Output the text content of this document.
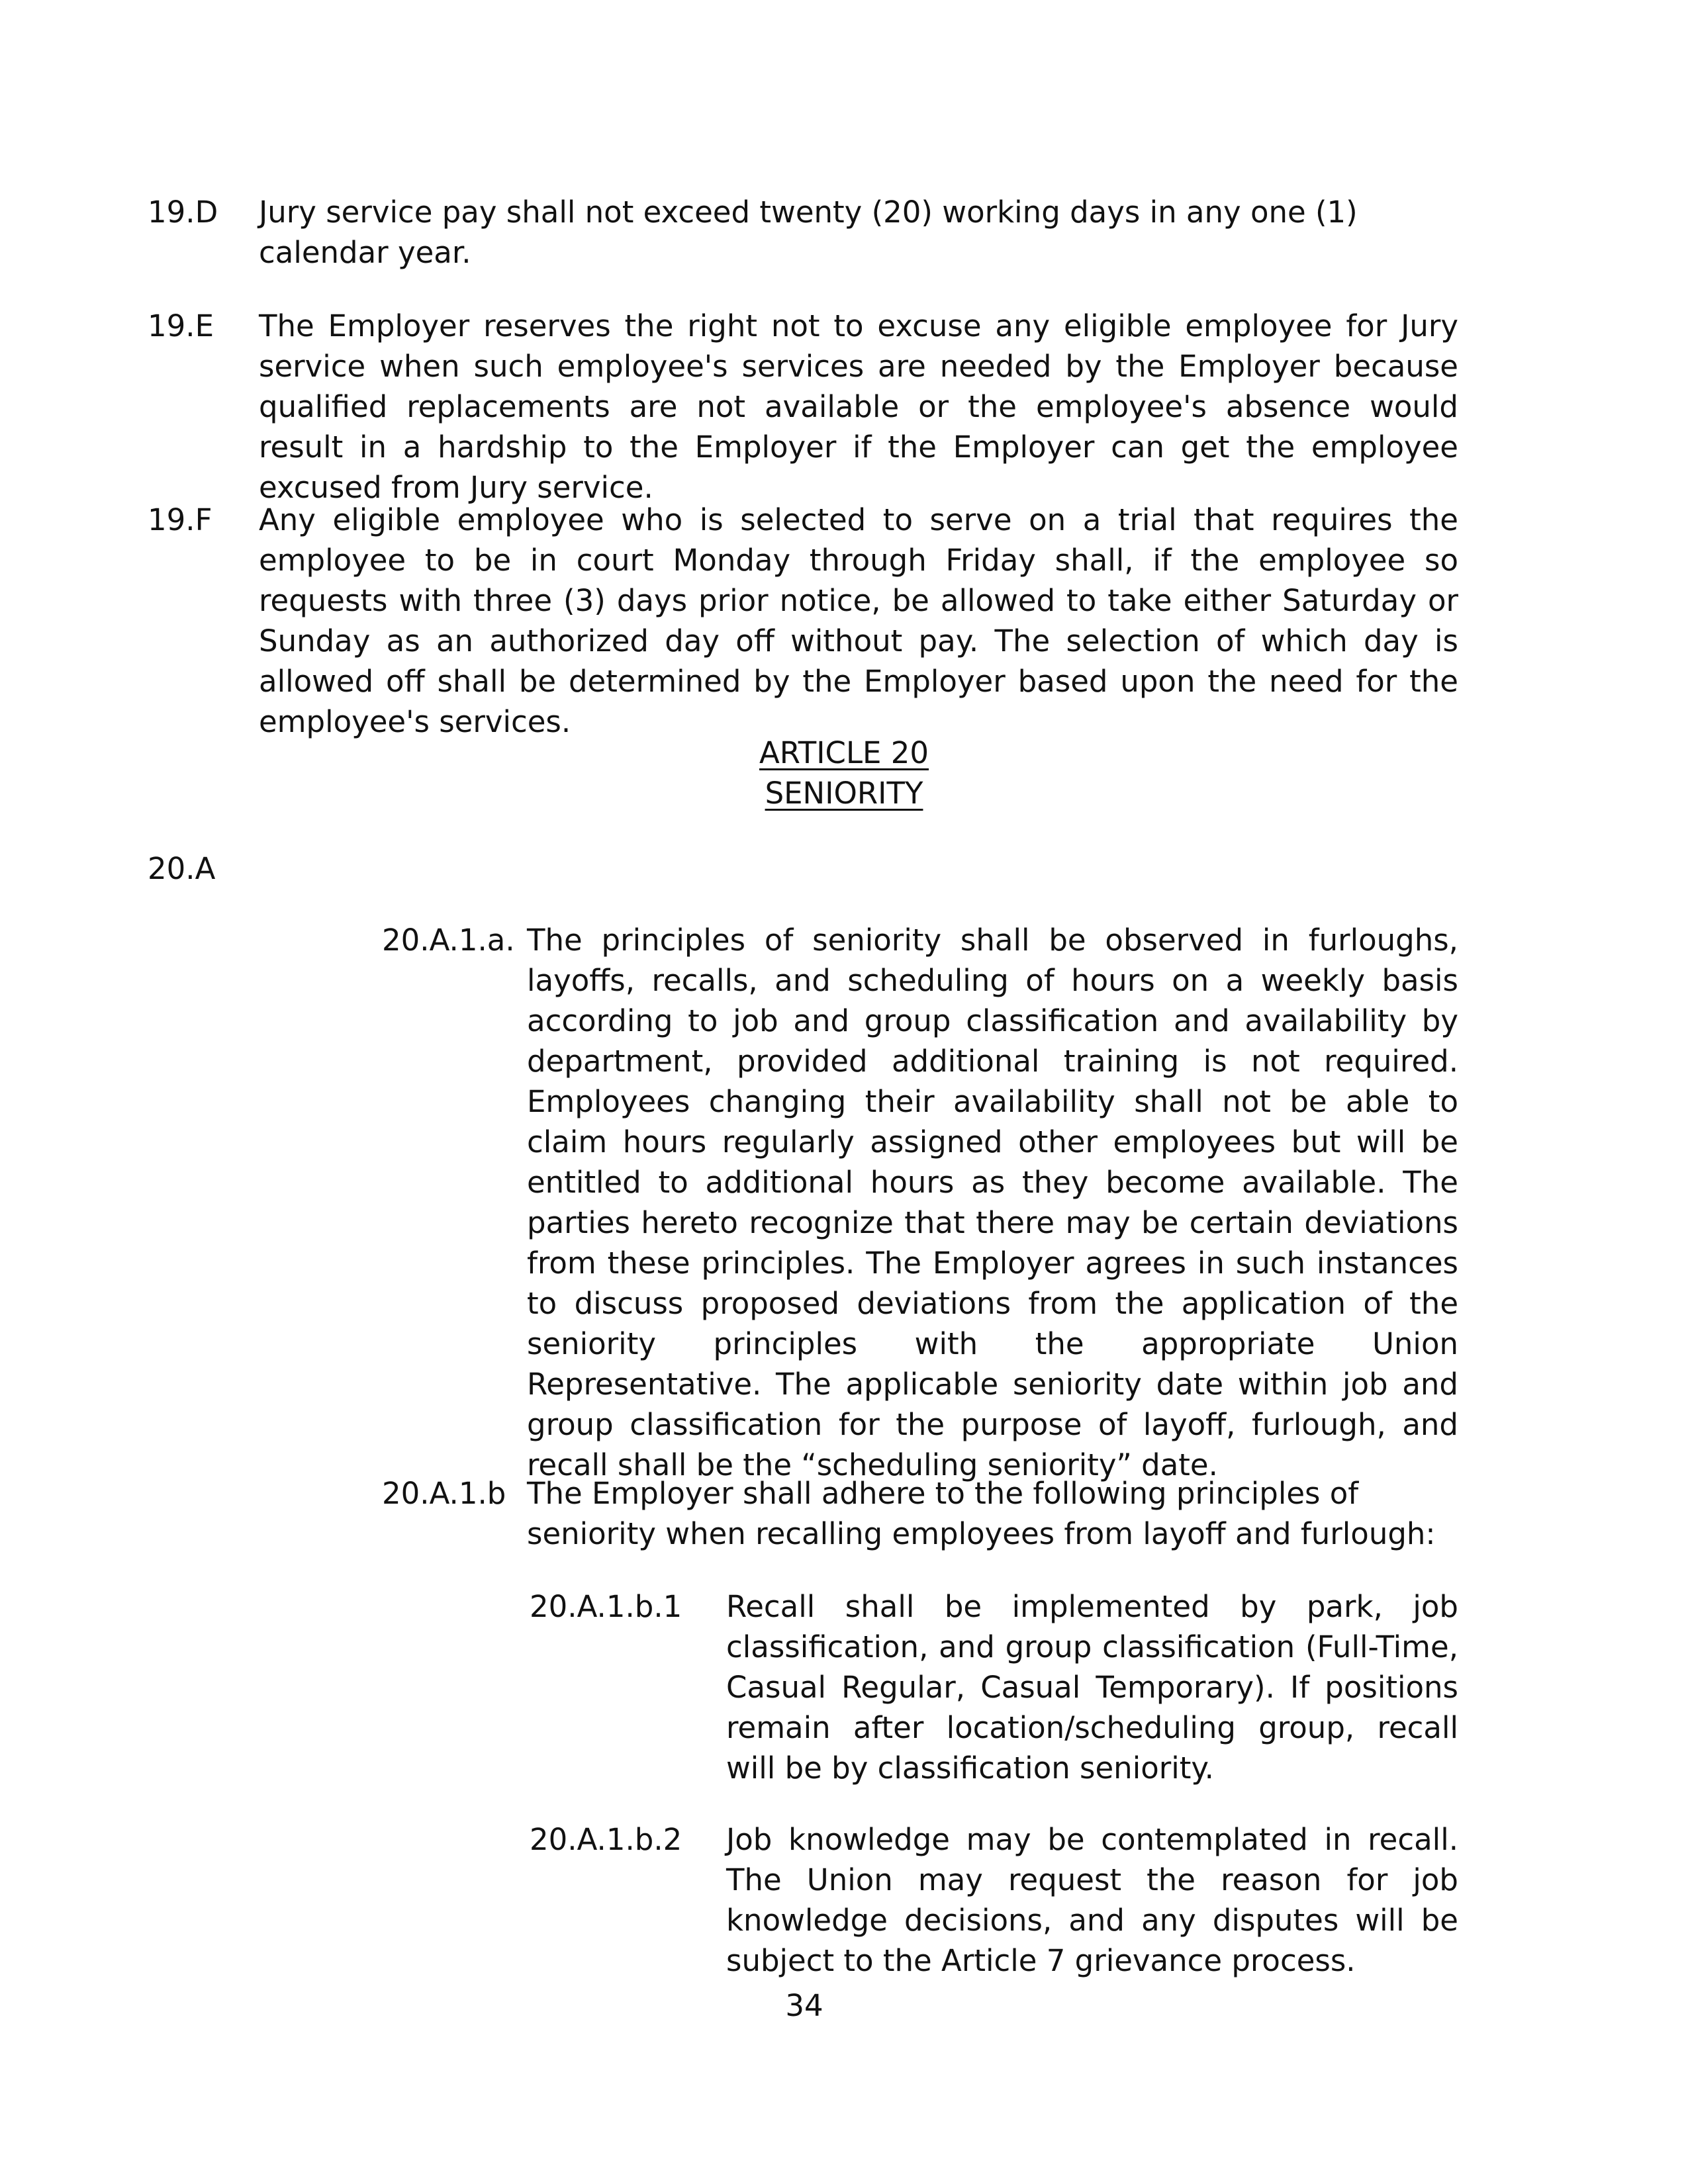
19.D Jury service pay shall not exceed twenty (20) working days in any one (1) calendar year.
19.E The Employer reserves the right not to excuse any eligible employee for Jury service when such employee's services are needed by the Employer because qualified replacements are not available or the employee's absence would result in a hardship to the Employer if the Employer can get the employee excused from Jury service.
19.F Any eligible employee who is selected to serve on a trial that requires the employee to be in court Monday through Friday shall, if the employee so requests with three (3) days prior notice, be allowed to take either Saturday or Sunday as an authorized day off without pay. The selection of which day is allowed off shall be determined by the Employer based upon the need for the employee's services.
ARTICLE 20
SENIORITY
20.A
20.A.1.a. The principles of seniority shall be observed in furloughs, layoffs, recalls, and scheduling of hours on a weekly basis according to job and group classification and availability by department, provided additional training is not required. Employees changing their availability shall not be able to claim hours regularly assigned other employees but will be entitled to additional hours as they become available. The parties hereto recognize that there may be certain deviations from these principles. The Employer agrees in such instances to discuss proposed deviations from the application of the seniority principles with the appropriate Union Representative. The applicable seniority date within job and group classification for the purpose of layoff, furlough, and recall shall be the “scheduling seniority” date.
20.A.1.b The Employer shall adhere to the following principles of seniority when recalling employees from layoff and furlough:
20.A.1.b.1 Recall shall be implemented by park, job classification, and group classification (Full-Time, Casual Regular, Casual Temporary). If positions remain after location/scheduling group, recall will be by classification seniority.
20.A.1.b.2 Job knowledge may be contemplated in recall. The Union may request the reason for job knowledge decisions, and any disputes will be subject to the Article 7 grievance process.
34
